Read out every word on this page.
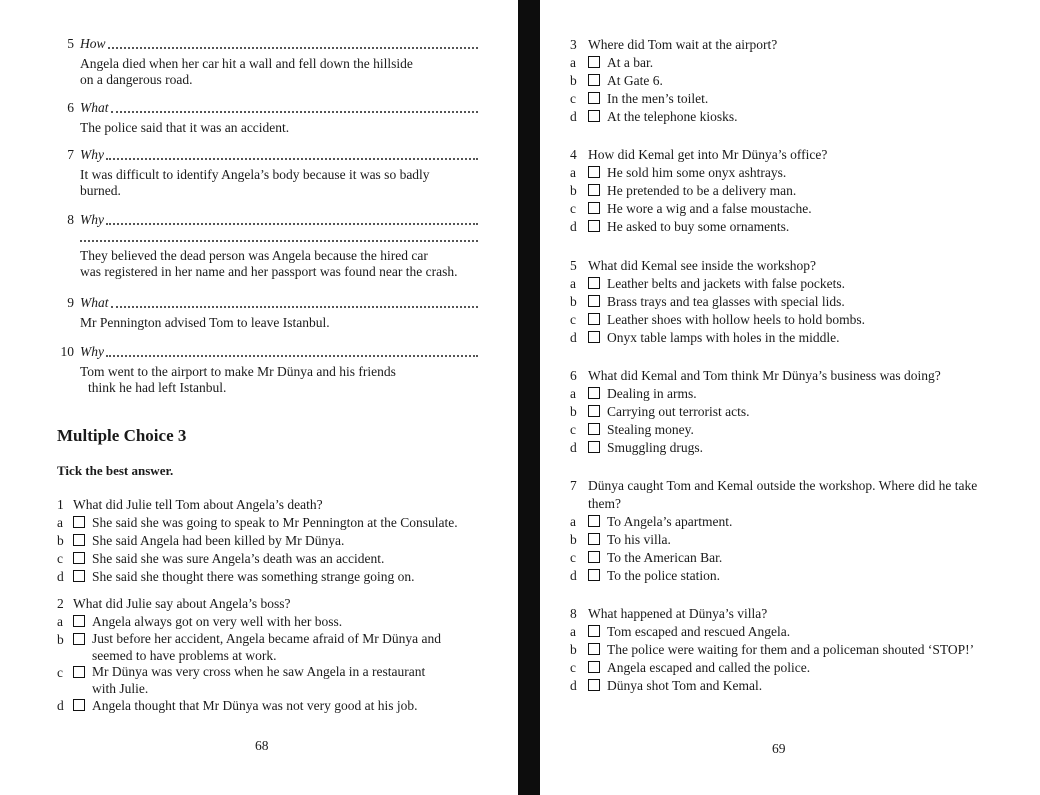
5 How
Angela died when her car hit a wall and fell down the hillside
on a dangerous road.
6 What
The police said that it was an accident.
7 Why
It was difficult to identify Angela’s body because it was so badly
burned.
8 Why
They believed the dead person was Angela because the hired car
was registered in her name and her passport was found near the crash.
9 What
Mr Pennington advised Tom to leave Istanbul.
10 Why
Tom went to the airport to make Mr Dünya and his friends
think he had left Istanbul.
Multiple Choice 3
Tick the best answer.
1 What did Julie tell Tom about Angela’s death?
a	She said she was going to speak to Mr Pennington at the Consulate.
b	She said Angela had been killed by Mr Dünya.
c	She said she was sure Angela’s death was an accident.
d	She said she thought there was something strange going on.
2 What did Julie say about Angela’s boss?
a	Angela always got on very well with her boss.
b	Just before her accident, Angela became afraid of Mr Dünya and seemed to have problems at work.
c	Mr Dünya was very cross when he saw Angela in a restaurant with Julie.
d	Angela thought that Mr Dünya was not very good at his job.
68
3 Where did Tom wait at the airport?
a	At a bar.
b	At Gate 6.
c	In the men’s toilet.
d	At the telephone kiosks.
4 How did Kemal get into Mr Dünya’s office?
a	He sold him some onyx ashtrays.
b	He pretended to be a delivery man.
c	He wore a wig and a false moustache.
d	He asked to buy some ornaments.
5 What did Kemal see inside the workshop?
a	Leather belts and jackets with false pockets.
b	Brass trays and tea glasses with special lids.
c	Leather shoes with hollow heels to hold bombs.
d	Onyx table lamps with holes in the middle.
6 What did Kemal and Tom think Mr Dünya’s business was doing?
a	Dealing in arms.
b	Carrying out terrorist acts.
c	Stealing money.
d	Smuggling drugs.
7 Dünya caught Tom and Kemal outside the workshop. Where did he take them?
a	To Angela’s apartment.
b	To his villa.
c	To the American Bar.
d	To the police station.
8 What happened at Dünya’s villa?
a	Tom escaped and rescued Angela.
b	The police were waiting for them and a policeman shouted ‘STOP!’
c	Angela escaped and called the police.
d	Dünya shot Tom and Kemal.
69
